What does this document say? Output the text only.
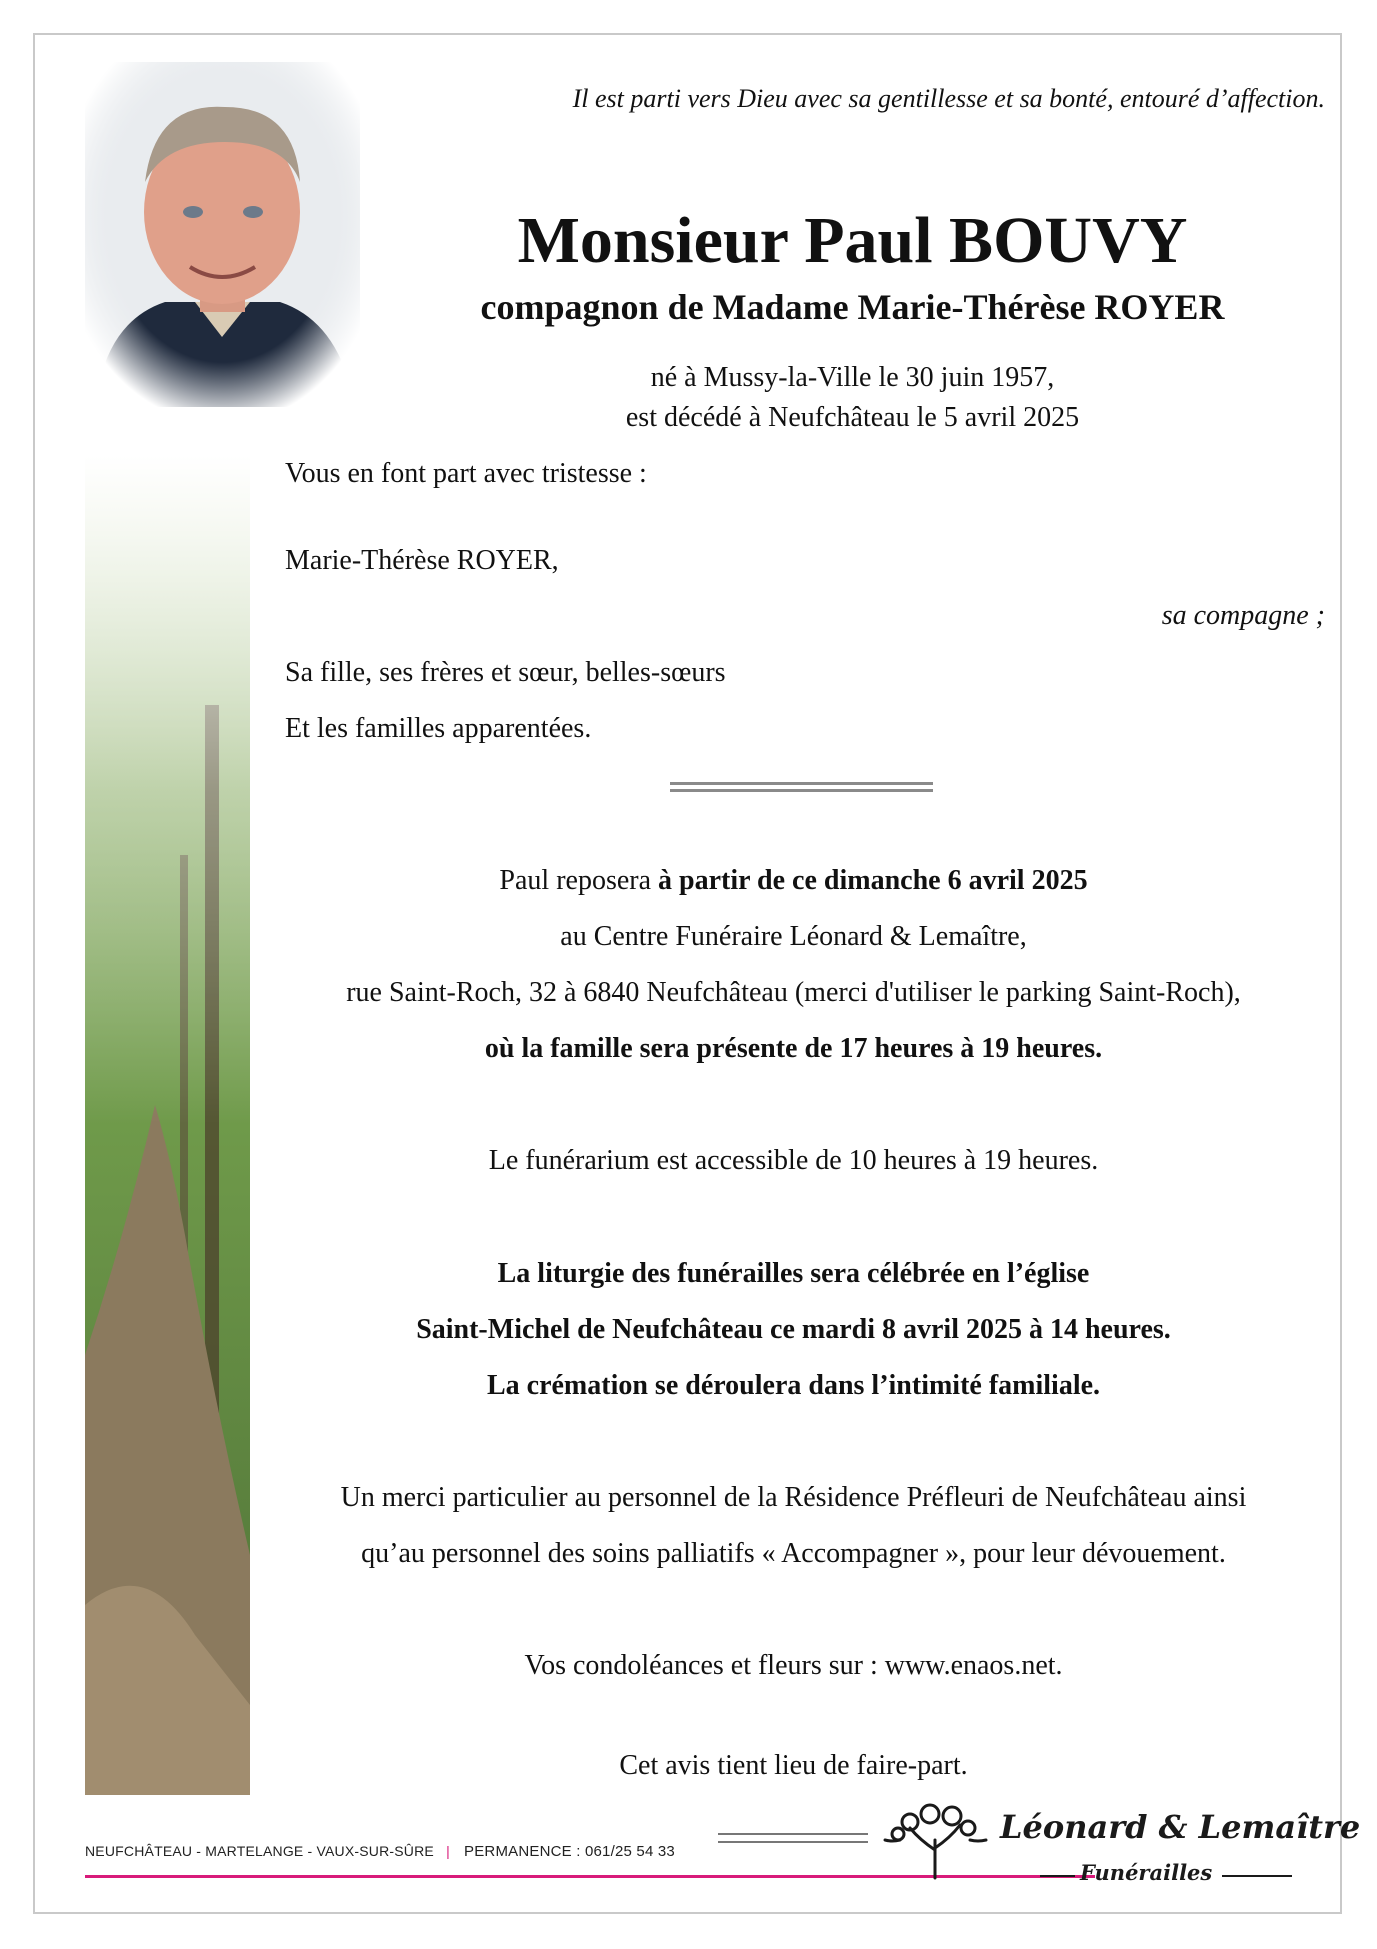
Il est parti vers Dieu avec sa gentillesse et sa bonté, entouré d’affection.
Monsieur Paul BOUVY
compagnon de Madame Marie-Thérèse ROYER
né à Mussy-la-Ville le 30 juin 1957,
est décédé à Neufchâteau le 5 avril 2025
Vous en font part avec tristesse :
Marie-Thérèse ROYER,
sa compagne ;
Sa fille, ses frères et sœur, belles-sœurs
Et les familles apparentées.
Paul reposera à partir de ce dimanche 6 avril 2025
au Centre Funéraire Léonard & Lemaître,
rue Saint-Roch, 32 à 6840 Neufchâteau (merci d'utiliser le parking Saint-Roch),
où la famille sera présente de 17 heures à 19 heures.
Le funérarium est accessible de 10 heures à 19 heures.
La liturgie des funérailles sera célébrée en l’église
Saint-Michel de Neufchâteau ce mardi 8 avril 2025 à 14 heures.
La crémation se déroulera dans l’intimité familiale.
Un merci particulier au personnel de la Résidence Préfleuri de Neufchâteau ainsi
qu’au personnel des soins palliatifs « Accompagner », pour leur dévouement.
Vos condoléances et fleurs sur : www.enaos.net.
Cet avis tient lieu de faire-part.
NEUFCHÂTEAU - MARTELANGE - VAUX-SUR-SÛRE | PERMANENCE : 061/25 54 33
Léonard & Lemaître
Funérailles
